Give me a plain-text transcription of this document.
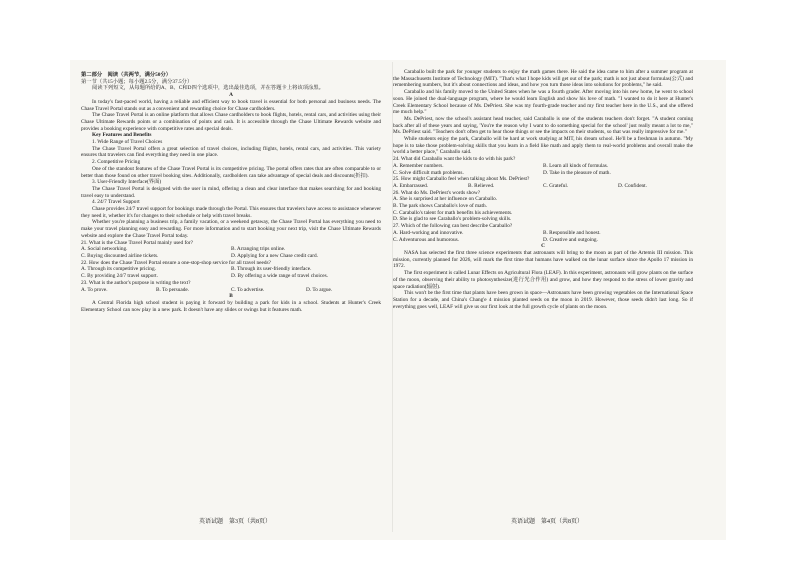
第二部分　阅读（共两节，满分50分）

第一节（共15小题；每小题2.5分，满分37.5分）

阅读下列短文，从每题所给的A、B、C和D四个选项中，选出最佳选项，并在答题卡上将该项涂黑。

A

In today's fast-paced world, having a reliable and efficient way to book travel is essential for both personal and business needs. The Chase Travel Portal stands out as a convenient and rewarding choice for Chase cardholders.

The Chase Travel Portal is an online platform that allows Chase cardholders to book flights, hotels, rental cars, and activities using their Chase Ultimate Rewards points or a combination of points and cash. It is accessible through the Chase Ultimate Rewards website and provides a booking experience with competitive rates and special deals.

Key Features and Benefits

1. Wide Range of Travel Choices

The Chase Travel Portal offers a great selection of travel choices, including flights, hotels, rental cars, and activities. This variety ensures that travelers can find everything they need in one place.

2. Competitive Pricing

One of the standout features of the Chase Travel Portal is its competitive pricing. The portal offers rates that are often comparable to or better than those found on other travel booking sites. Additionally, cardholders can take advantage of special deals and discounts(折扣).

3. User-Friendly Interface(界面)

The Chase Travel Portal is designed with the user in mind, offering a clean and clear interface that makes searching for and booking travel easy to understand.

4. 24/7 Travel Support

Chase provides 24/7 travel support for bookings made through the Portal. This ensures that travelers have access to assistance whenever they need it, whether it's for changes to their schedule or help with travel breaks.

Whether you're planning a business trip, a family vacation, or a weekend getaway, the Chase Travel Portal has everything you need to make your travel planning easy and rewarding. For more information and to start booking your next trip, visit the Chase Ultimate Rewards website and explore the Chase Travel Portal today.

21. What is the Chase Travel Portal mainly used for?

A. Social networking.	B. Arranging trips online.
C. Buying discounted airline tickets.	D. Applying for a new Chase credit card.

22. How does the Chase Travel Portal ensure a one-stop-shop service for all travel needs?

A. Through its competitive pricing.	B. Through its user-friendly interface.
C. By providing 24/7 travel support.	D. By offering a wide range of travel choices.

23. What is the author's purpose in writing the text?

A. To prove.	B. To persuade.	C. To advertise.	D. To argue.

B

A Central Florida high school student is paying it forward by building a park for kids in a school. Students at Hunter's Creek Elementary School can now play in a new park. It doesn't have any slides or swings but it features math.

Caraballo built the park for younger students to enjoy the math games there. He said the idea came to him after a summer program at the Massachusetts Institute of Technology (MIT). "That's what I hope kids will get out of the park; math is not just about formulas(公式) and remembering numbers, but it's about connections and ideas, and how you turn those ideas into solutions for problems," he said.

Caraballo and his family moved to the United States when he was a fourth grader. After moving into his new home, he went to school soon. He joined the dual-language program, where he would learn English and show his love of math. "I wanted to do it here at Hunter's Creek Elementary School because of Ms. DePriest. She was my fourth-grade teacher and my first teacher here in the U.S., and she offered me much help."

Ms. DePriest, now the school's assistant head teacher, said Caraballo is one of the students teachers don't forget. "A student coming back after all of these years and saying, 'You're the reason why I want to do something special for the school' just really meant a lot to me," Ms. DePriest said. "Teachers don't often get to hear those things or see the impacts on their students, so that was really impressive for me."

While students enjoy the park, Caraballo will be hard at work studying at MIT, his dream school. He'll be a freshman in autumn. "My hope is to take those problem-solving skills that you learn in a field like math and apply them to real-world problems and overall make the world a better place," Caraballo said.

24. What did Caraballo want the kids to do with his park?

A. Remember numbers.	B. Learn all kinds of formulas.
C. Solve difficult math problems.	D. Take in the pleasure of math.

25. How might Caraballo feel when talking about Ms. DePriest?

A. Embarrassed.	B. Relieved.	C. Grateful.	D. Confident.

26. What do Ms. DePriest's words show?

A. She is surprised at her influence on Caraballo.

B. The park shows Caraballo's love of math.

C. Caraballo's talent for math benefits his achievements.

D. She is glad to see Caraballo's problem-solving skills.

27. Which of the following can best describe Caraballo?

A. Hard-working and innovative.	B. Responsible and honest.
C. Adventurous and humorous.	D. Creative and outgoing.

C

NASA has selected the first three science experiments that astronauts will bring to the moon as part of the Artemis III mission. This mission, currently planned for 2026, will mark the first time that humans have walked on the lunar surface since the Apollo 17 mission in 1972.

The first experiment is called Lunar Effects on Agricultural Flora (LEAF). In this experiment, astronauts will grow plants on the surface of the moon, observing their ability to photosynthesize(进行光合作用) and grow, and how they respond to the stress of lower gravity and space radiation(辐射).

This won't be the first time that plants have been grown in space—Astronauts have been growing vegetables on the International Space Station for a decade, and China's Chang'e 4 mission planted seeds on the moon in 2019. However, those seeds didn't last long. So if everything goes well, LEAF will give us our first look at the full growth cycle of plants on the moon.

英语试题　第3页（共8页）	英语试题　第4页（共8页）
